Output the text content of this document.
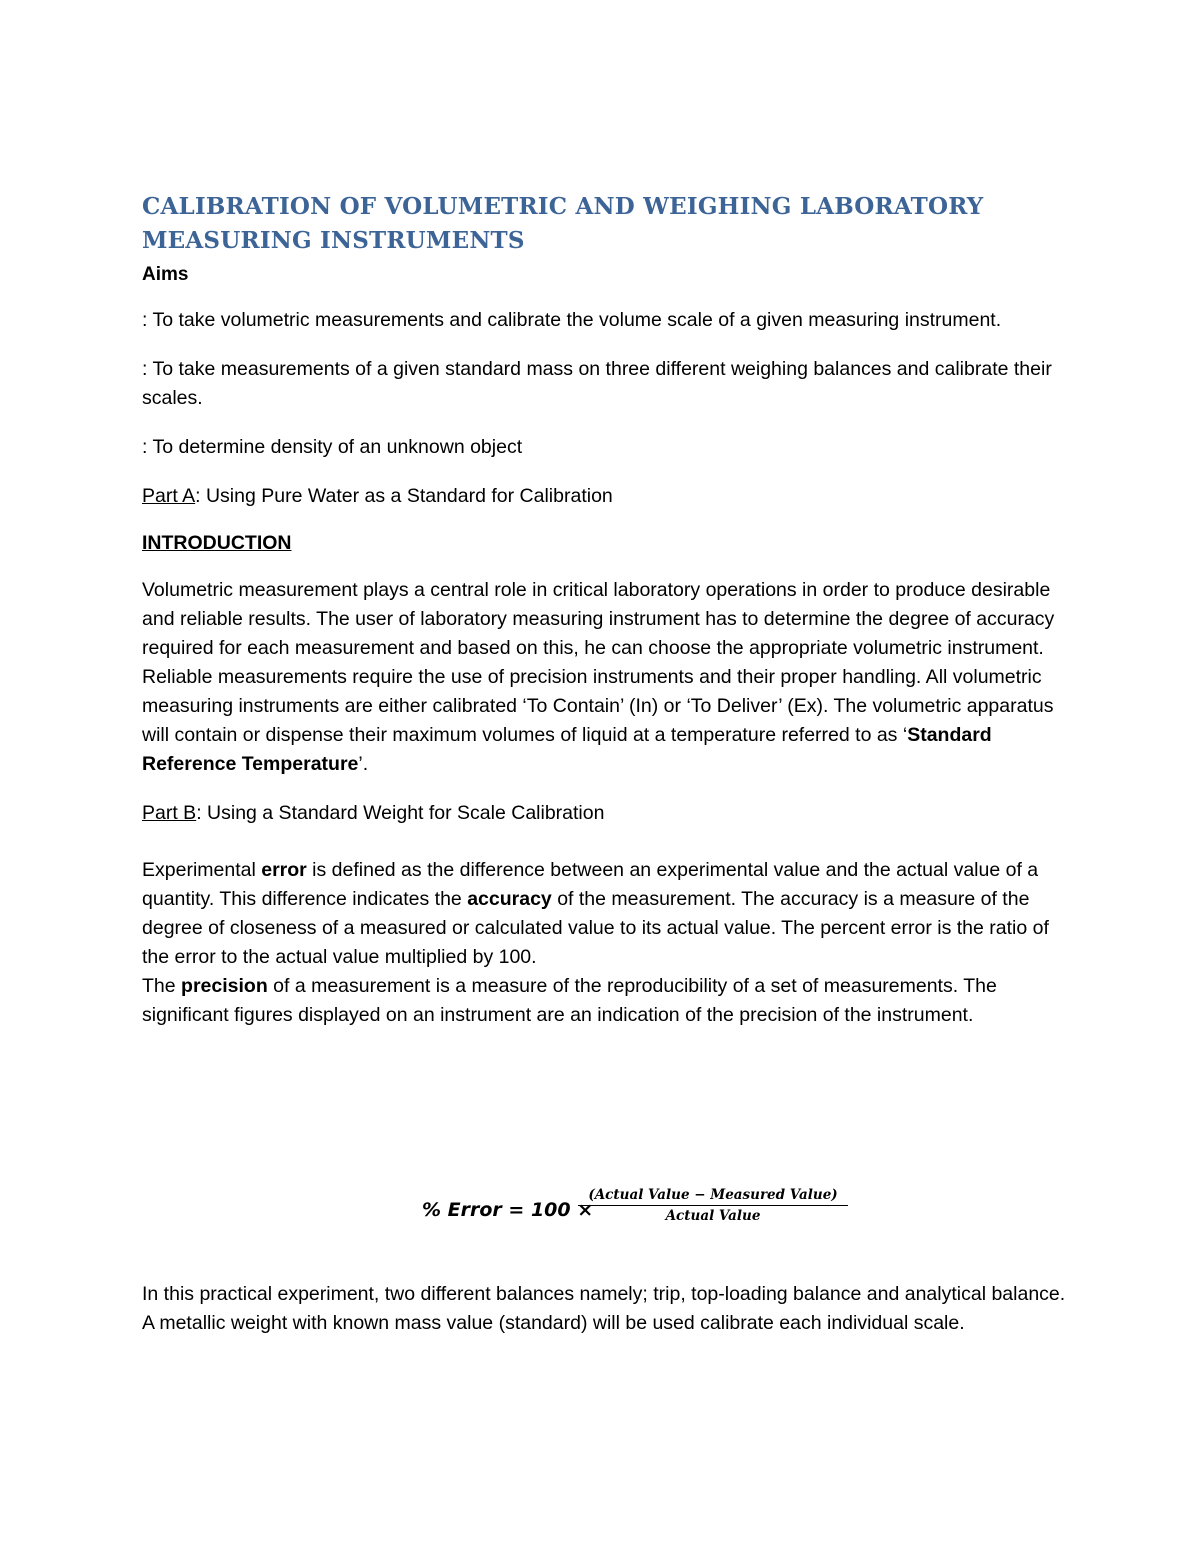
CALIBRATION OF VOLUMETRIC AND WEIGHING LABORATORY
MEASURING INSTRUMENTS
Aims

: To take volumetric measurements and calibrate the volume scale of a given measuring instrument.

: To take measurements of a given standard mass on three different weighing balances and calibrate their scales.

: To determine density of an unknown object

Part A: Using Pure Water as a Standard for Calibration

INTRODUCTION

Volumetric measurement plays a central role in critical laboratory operations in order to produce desirable and reliable results. The user of laboratory measuring instrument has to determine the degree of accuracy required for each measurement and based on this, he can choose the appropriate volumetric instrument. Reliable measurements require the use of precision instruments and their proper handling. All volumetric measuring instruments are either calibrated ‘To Contain’ (In) or ‘To Deliver’ (Ex). The volumetric apparatus will contain or dispense their maximum volumes of liquid at a temperature referred to as ‘Standard Reference Temperature’.

Part B: Using a Standard Weight for Scale Calibration

Experimental error is defined as the difference between an experimental value and the actual value of a quantity. This difference indicates the accuracy of the measurement. The accuracy is a measure of the degree of closeness of a measured or calculated value to its actual value. The percent error is the ratio of the error to the actual value multiplied by 100.

The precision of a measurement is a measure of the reproducibility of a set of measurements. The significant figures displayed on an instrument are an indication of the precision of the instrument.

% Error = 100 ×
(Actual Value − Measured Value)
Actual Value

In this practical experiment, two different balances namely; trip, top-loading balance and analytical balance. A metallic weight with known mass value (standard) will be used calibrate each individual scale.
